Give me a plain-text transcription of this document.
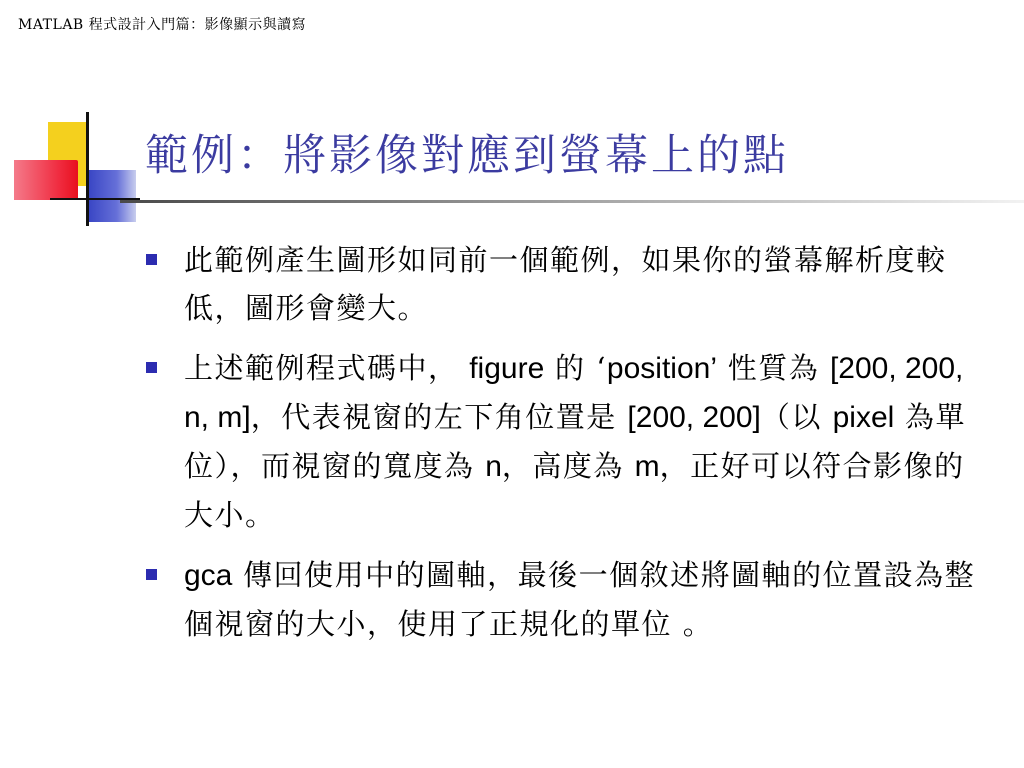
MATLAB 程式設計入門篇：影像顯示與讀寫
範例：將影像對應到螢幕上的點
此範例產生圖形如同前一個範例，如果你的螢幕解析度較低，圖形會變大。
上述範例程式碼中， figure 的 ‘position’ 性質為 [200, 200, n, m]，代表視窗的左下角位置是 [200, 200]（以 pixel 為單位），而視窗的寬度為 n，高度為 m，正好可以符合影像的大小。
gca 傳回使用中的圖軸，最後一個敘述將圖軸的位置設為整個視窗的大小，使用了正規化的單位 。
